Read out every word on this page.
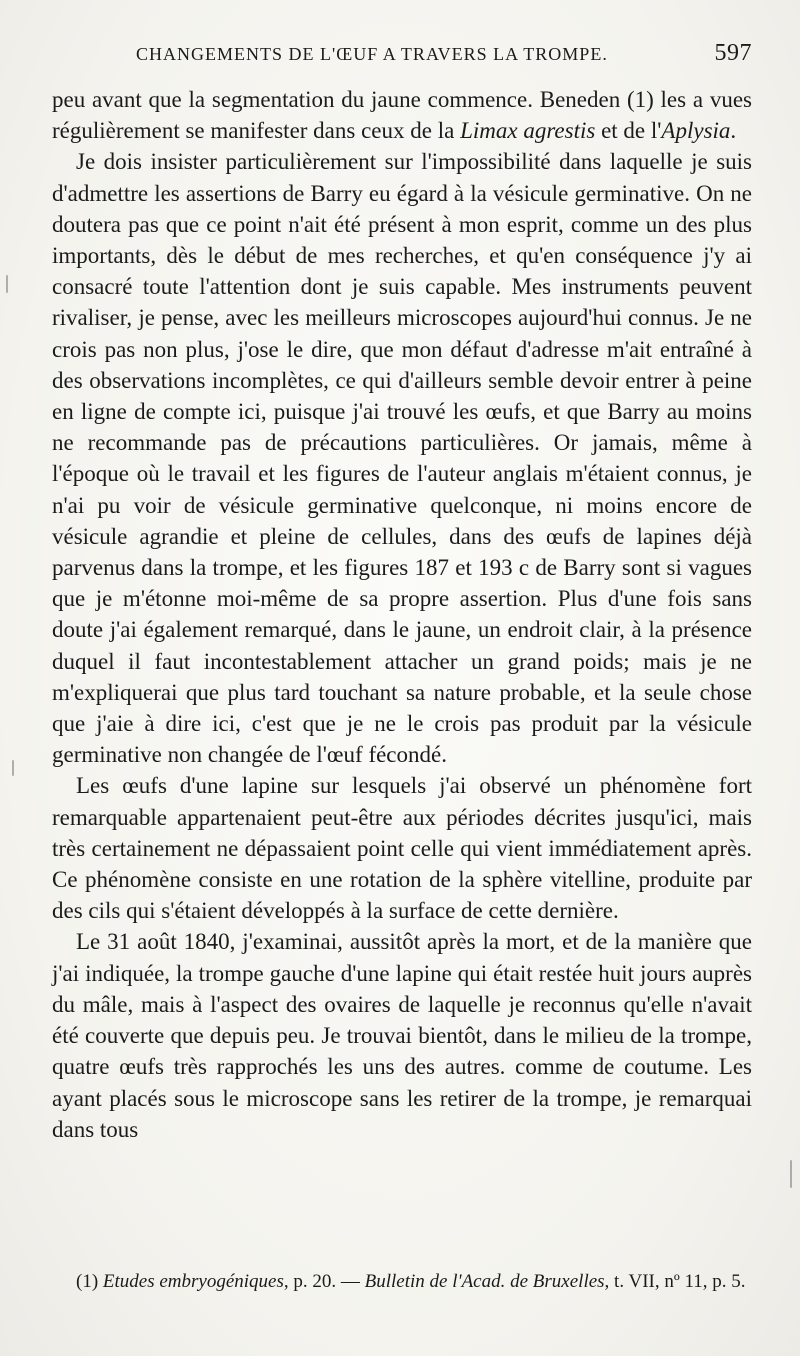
CHANGEMENTS DE L'ŒUF A TRAVERS LA TROMPE.	597

peu avant que la segmentation du jaune commence. Beneden (1) les a vues régulièrement se manifester dans ceux de la Limax agrestis et de l'Aplysia.

Je dois insister particulièrement sur l'impossibilité dans laquelle je suis d'admettre les assertions de Barry eu égard à la vésicule germinative. On ne doutera pas que ce point n'ait été présent à mon esprit, comme un des plus importants, dès le début de mes recherches, et qu'en conséquence j'y ai consacré toute l'attention dont je suis capable. Mes instruments peuvent rivaliser, je pense, avec les meilleurs microscopes aujourd'hui connus. Je ne crois pas non plus, j'ose le dire, que mon défaut d'adresse m'ait entraîné à des observations incomplètes, ce qui d'ailleurs semble devoir entrer à peine en ligne de compte ici, puisque j'ai trouvé les œufs, et que Barry au moins ne recommande pas de précautions particulières. Or jamais, même à l'époque où le travail et les figures de l'auteur anglais m'étaient connus, je n'ai pu voir de vésicule germinative quelconque, ni moins encore de vésicule agrandie et pleine de cellules, dans des œufs de lapines déjà parvenus dans la trompe, et les figures 187 et 193 c de Barry sont si vagues que je m'étonne moi-même de sa propre assertion. Plus d'une fois sans doute j'ai également remarqué, dans le jaune, un endroit clair, à la présence duquel il faut incontestablement attacher un grand poids; mais je ne m'expliquerai que plus tard touchant sa nature probable, et la seule chose que j'aie à dire ici, c'est que je ne le crois pas produit par la vésicule germinative non changée de l'œuf fécondé.

Les œufs d'une lapine sur lesquels j'ai observé un phénomène fort remarquable appartenaient peut-être aux périodes décrites jusqu'ici, mais très certainement ne dépassaient point celle qui vient immédiatement après. Ce phénomène consiste en une rotation de la sphère vitelline, produite par des cils qui s'étaient développés à la surface de cette dernière.

Le 31 août 1840, j'examinai, aussitôt après la mort, et de la manière que j'ai indiquée, la trompe gauche d'une lapine qui était restée huit jours auprès du mâle, mais à l'aspect des ovaires de laquelle je reconnus qu'elle n'avait été couverte que depuis peu. Je trouvai bientôt, dans le milieu de la trompe, quatre œufs très rapprochés les uns des autres. comme de coutume. Les ayant placés sous le microscope sans les retirer de la trompe, je remarquai dans tous

(1) Etudes embryogéniques, p. 20. — Bulletin de l'Acad. de Bruxelles, t. VII, nº 11, p. 5.
